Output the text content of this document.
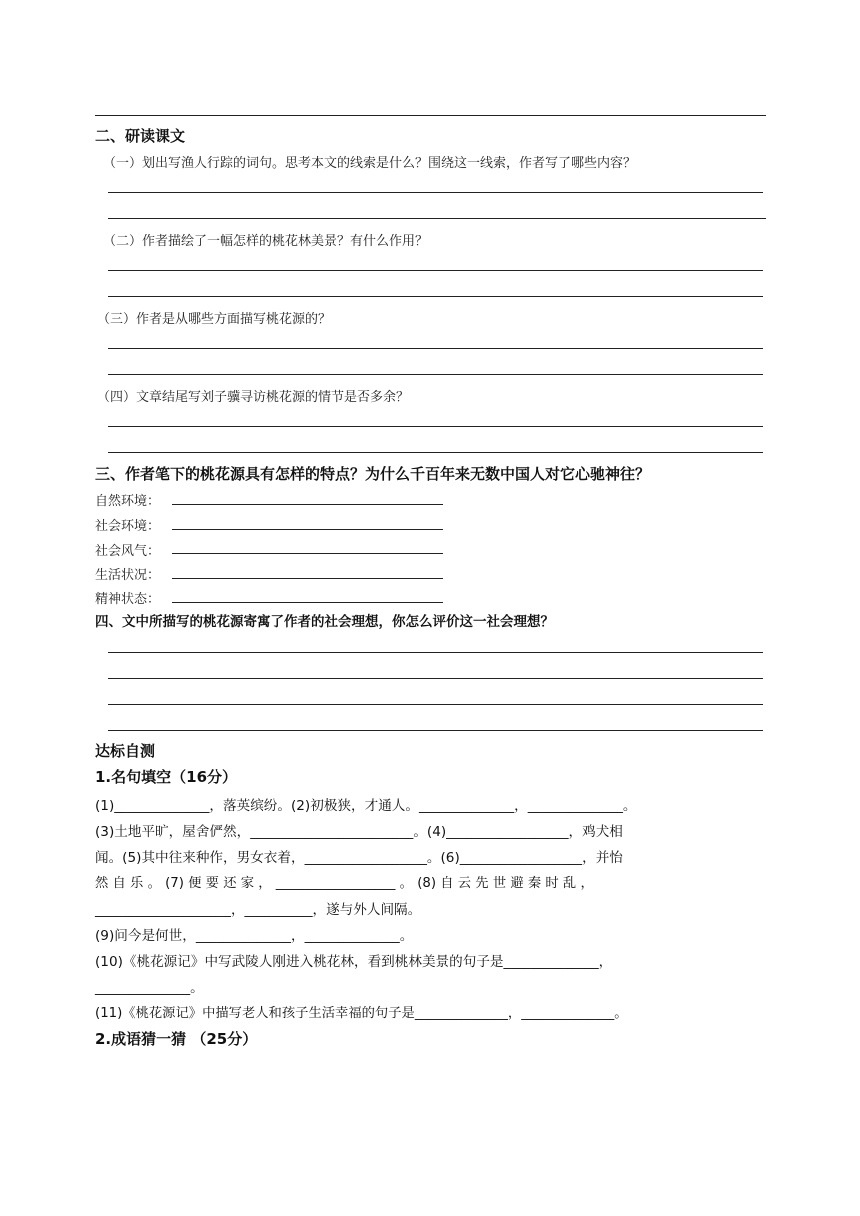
二、研读课文
（一）划出写渔人行踪的词句。思考本文的线索是什么？围绕这一线索，作者写了哪些内容？
（二）作者描绘了一幅怎样的桃花林美景？有什么作用？
（三）作者是从哪些方面描写桃花源的？
（四）文章结尾写刘子骥寻访桃花源的情节是否多余？
三、作者笔下的桃花源具有怎样的特点？为什么千百年来无数中国人对它心驰神往？
自然环境：
社会环境：
社会风气：
生活状况：
精神状态：
四、文中所描写的桃花源寄寓了作者的社会理想，你怎么评价这一社会理想？
达标自测
1.名句填空（16分）
(1)______________，落英缤纷。(2)初极狭，才通人。______________，______________。
(3)土地平旷，屋舍俨然，________________________。(4)__________________，鸡犬相
闻。(5)其中往来种作，男女衣着，__________________。(6)__________________，并怡
然 自 乐 。 (7) 便 要 还 家 ， __________________ 。 (8) 自 云 先 世 避 秦 时 乱 ，
____________________，__________，遂与外人间隔。
(9)问今是何世，______________，______________。
(10)《桃花源记》中写武陵人刚进入桃花林，看到桃林美景的句子是______________，
______________。
(11)《桃花源记》中描写老人和孩子生活幸福的句子是______________，______________。
2.成语猜一猜 （25分）
